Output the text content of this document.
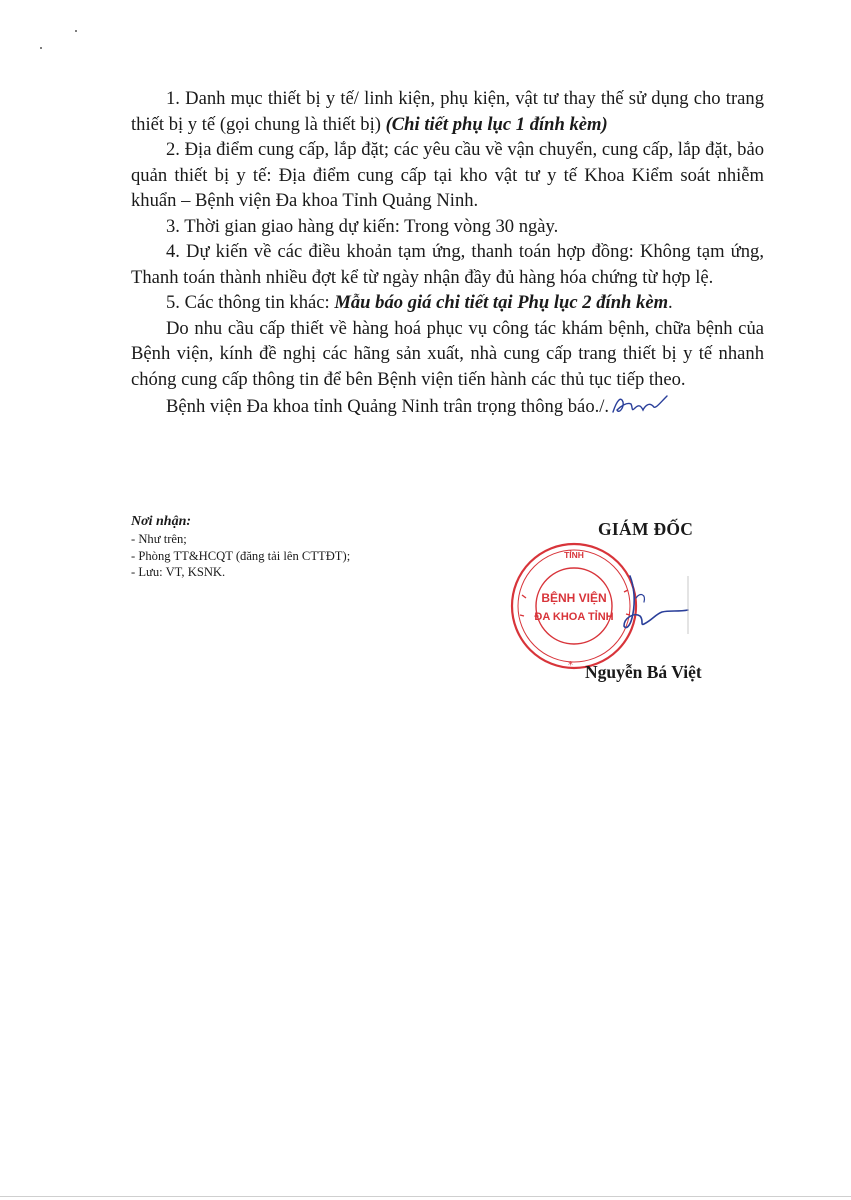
1. Danh mục thiết bị y tế/ linh kiện, phụ kiện, vật tư thay thế sử dụng cho trang thiết bị y tế (gọi chung là thiết bị) (Chi tiết phụ lục 1 đính kèm)

2. Địa điểm cung cấp, lắp đặt; các yêu cầu về vận chuyển, cung cấp, lắp đặt, bảo quản thiết bị y tế: Địa điểm cung cấp tại kho vật tư y tế Khoa Kiểm soát nhiễm khuẩn – Bệnh viện Đa khoa Tỉnh Quảng Ninh.

3. Thời gian giao hàng dự kiến: Trong vòng 30 ngày.

4. Dự kiến về các điều khoản tạm ứng, thanh toán hợp đồng: Không tạm ứng, Thanh toán thành nhiều đợt kể từ ngày nhận đầy đủ hàng hóa chứng từ hợp lệ.

5. Các thông tin khác: Mẫu báo giá chi tiết tại Phụ lục 2 đính kèm.

Do nhu cầu cấp thiết về hàng hoá phục vụ công tác khám bệnh, chữa bệnh của Bệnh viện, kính đề nghị các hãng sản xuất, nhà cung cấp trang thiết bị y tế nhanh chóng cung cấp thông tin để bên Bệnh viện tiến hành các thủ tục tiếp theo.

Bệnh viện Đa khoa tỉnh Quảng Ninh trân trọng thông báo./.

Nơi nhận:
- Như trên;
- Phòng TT&HCQT (đăng tải lên CTTĐT);
- Lưu: VT, KSNK.
GIÁM ĐỐC
TỈNH
BỆNH VIỆN
ĐA KHOA TỈNH
* Nguyễn Bá Việt
